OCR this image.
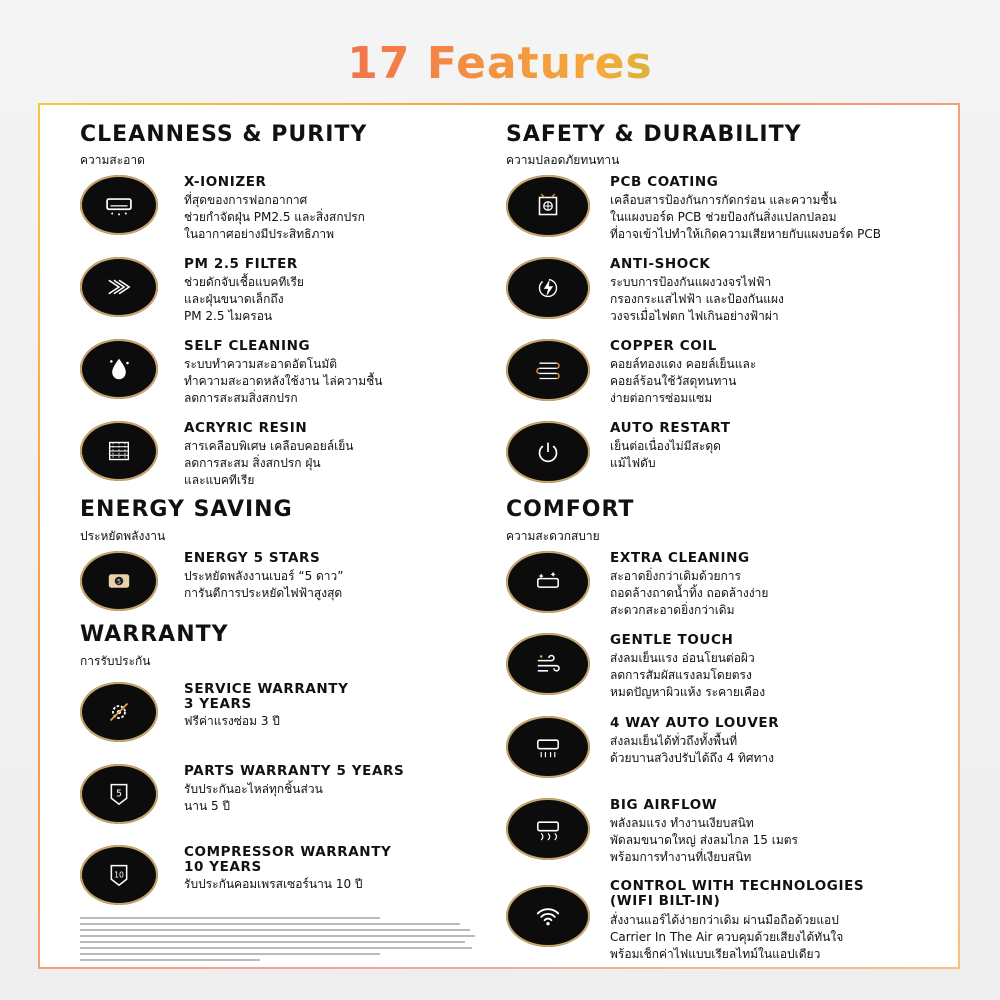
17 Features
CLEANNESS & PURITY
ความสะอาด
X-IONIZER
ที่สุดของการฟอกอากาศ
ช่วยกำจัดฝุ่น PM2.5 และสิ่งสกปรก
ในอากาศอย่างมีประสิทธิภาพ
PM 2.5 FILTER
ช่วยดักจับเชื้อแบคทีเรีย
และฝุ่นขนาดเล็กถึง
PM 2.5 ไมครอน
SELF CLEANING
ระบบทำความสะอาดอัตโนมัติ
ทำความสะอาดหลังใช้งาน ไล่ความชื้น
ลดการสะสมสิ่งสกปรก
ACRYRIC RESIN
สารเคลือบพิเศษ เคลือบคอยล์เย็น
ลดการสะสม สิ่งสกปรก ฝุ่น
และแบคทีเรีย
ENERGY SAVING
ประหยัดพลังงาน
5
ENERGY 5 STARS
ประหยัดพลังงานเบอร์ “5 ดาว”
การันตีการประหยัดไฟฟ้าสูงสุด
WARRANTY
การรับประกัน
SERVICE WARRANTY
3 YEARS
ฟรีค่าแรงซ่อม 3 ปี
5
PARTS WARRANTY 5 YEARS
รับประกันอะไหล่ทุกชิ้นส่วน
นาน 5 ปี
10
COMPRESSOR WARRANTY
10 YEARS
รับประกันคอมเพรสเซอร์นาน 10 ปี
SAFETY & DURABILITY
ความปลอดภัยทนทาน
PCB COATING
เคลือบสารป้องกันการกัดกร่อน และความชื้น
ในแผงบอร์ด PCB ช่วยป้องกันสิ่งแปลกปลอม
ที่อาจเข้าไปทำให้เกิดความเสียหายกับแผงบอร์ด PCB
ANTI-SHOCK
ระบบการป้องกันแผงวงจรไฟฟ้า
กรองกระแสไฟฟ้า และป้องกันแผง
วงจรเมื่อไฟตก ไฟเกินอย่างฟ้าผ่า
COPPER COIL
คอยล์ทองแดง คอยล์เย็นและ
คอยล์ร้อนใช้วัสดุทนทาน
ง่ายต่อการซ่อมแซม
AUTO RESTART
เย็นต่อเนื่องไม่มีสะดุด
แม้ไฟดับ
COMFORT
ความสะดวกสบาย
EXTRA CLEANING
สะอาดยิ่งกว่าเดิมด้วยการ
ถอดล้างถาดน้ำทิ้ง ถอดล้างง่าย
สะดวกสะอาดยิ่งกว่าเดิม
GENTLE TOUCH
ส่งลมเย็นแรง อ่อนโยนต่อผิว
ลดการสัมผัสแรงลมโดยตรง
หมดปัญหาผิวแห้ง ระคายเคือง
4 WAY AUTO LOUVER
ส่งลมเย็นได้ทั่วถึงทั้งพื้นที่
ด้วยบานสวิงปรับได้ถึง 4 ทิศทาง
BIG AIRFLOW
พลังลมแรง ทำงานเงียบสนิท
พัดลมขนาดใหญ่ ส่งลมไกล 15 เมตร
พร้อมการทำงานที่เงียบสนิท
CONTROL WITH TECHNOLOGIES
(WIFI BILT-IN)
สั่งงานแอร์ได้ง่ายกว่าเดิม ผ่านมือถือด้วยแอป
Carrier In The Air ควบคุมด้วยเสียงได้ทันใจ
พร้อมเช็กค่าไฟแบบเรียลไทม์ในแอปเดียว
